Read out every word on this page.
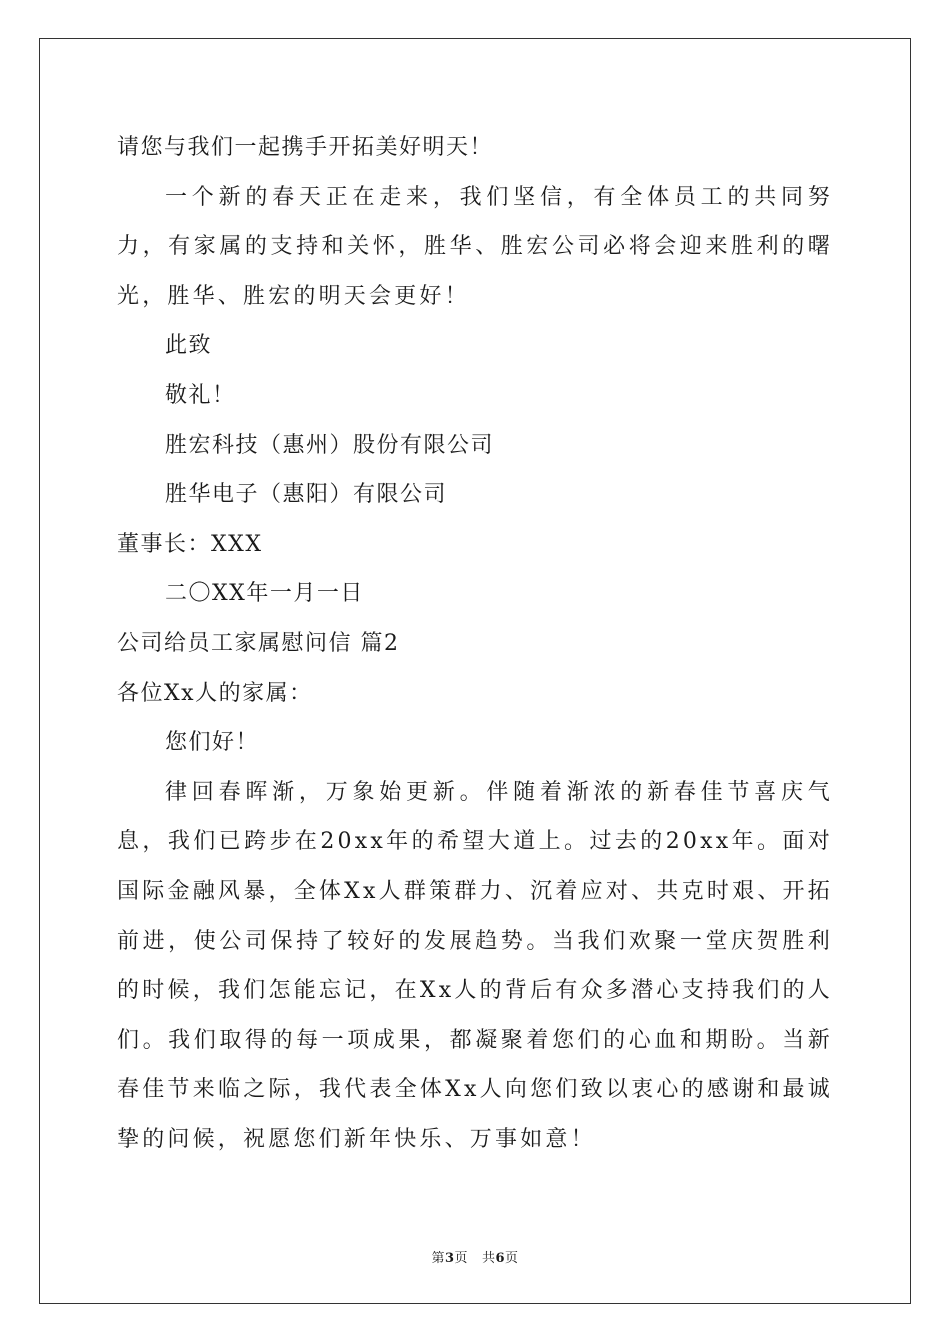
请您与我们一起携手开拓美好明天！

一个新的春天正在走来，我们坚信，有全体员工的共同努力，有家属的支持和关怀，胜华、胜宏公司必将会迎来胜利的曙光，胜华、胜宏的明天会更好！

此致
敬礼！
胜宏科技（惠州）股份有限公司
胜华电子（惠阳）有限公司
董事长：XXX
二〇XX年一月一日
公司给员工家属慰问信 篇2
各位Xx人的家属：
您们好！

律回春晖渐，万象始更新。伴随着渐浓的新春佳节喜庆气息，我们已跨步在20xx年的希望大道上。过去的20xx年。面对国际金融风暴，全体Xx人群策群力、沉着应对、共克时艰、开拓前进，使公司保持了较好的发展趋势。当我们欢聚一堂庆贺胜利的时候，我们怎能忘记，在Xx人的背后有众多潜心支持我们的人们。我们取得的每一项成果，都凝聚着您们的心血和期盼。当新春佳节来临之际，我代表全体Xx人向您们致以衷心的感谢和最诚挚的问候，祝愿您们新年快乐、万事如意！

第3页 共6页
